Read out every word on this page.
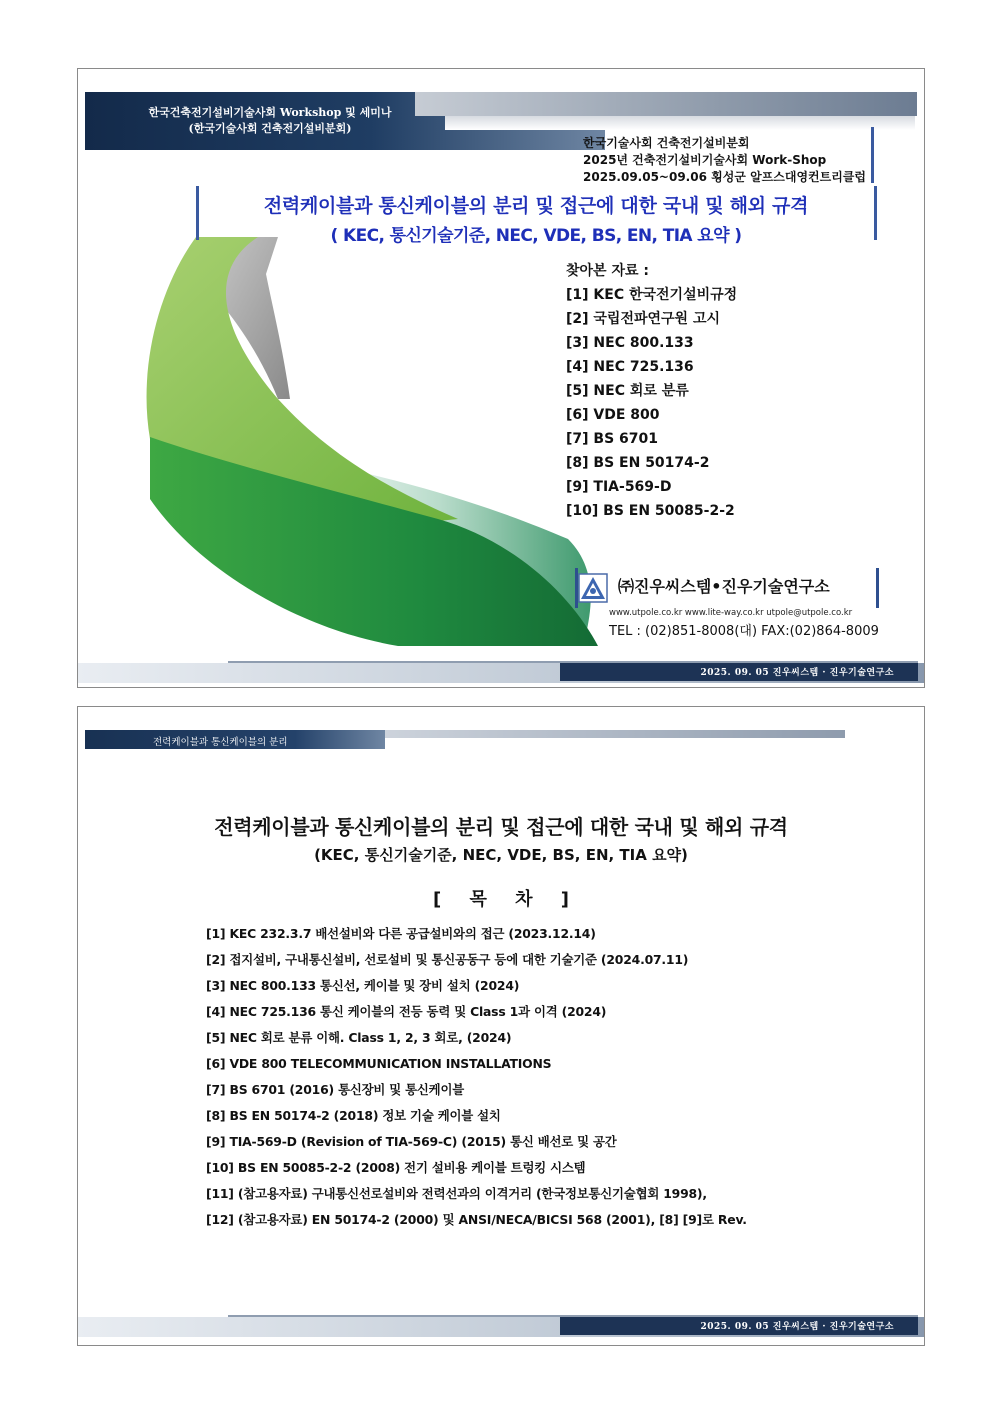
한국건축전기설비기술사회 Workshop 및 세미나
(한국기술사회 건축전기설비분회)
한국기술사회 건축전기설비분회
2025년 건축전기설비기술사회 Work-Shop
2025.09.05~09.06 횡성군 알프스대영컨트리클럽
전력케이블과 통신케이블의 분리 및 접근에 대한 국내 및 해외 규격
( KEC, 통신기술기준, NEC, VDE, BS, EN, TIA 요약 )
찾아본 자료 :
[1] KEC 한국전기설비규정
[2] 국립전파연구원 고시
[3] NEC 800.133
[4] NEC 725.136
[5] NEC 회로 분류
[6] VDE 800
[7] BS 6701
[8] BS EN 50174-2
[9] TIA-569-D
[10] BS EN 50085-2-2
㈜진우씨스템•진우기술연구소
www.utpole.co.kr www.lite-way.co.kr utpole@utpole.co.kr
TEL : (02)851-8008(대) FAX:(02)864-8009
2025. 09. 05 진우씨스템 · 진우기술연구소
전력케이블과 통신케이블의 분리
전력케이블과 통신케이블의 분리 및 접근에 대한 국내 및 해외 규격
(KEC, 통신기술기준, NEC, VDE, BS, EN, TIA 요약)
[ 목 차 ]
[1] KEC 232.3.7 배선설비와 다른 공급설비와의 접근 (2023.12.14)
[2] 접지설비, 구내통신설비, 선로설비 및 통신공동구 등에 대한 기술기준 (2024.07.11)
[3] NEC 800.133 통신선, 케이블 및 장비 설치 (2024)
[4] NEC 725.136 통신 케이블의 전등 동력 및 Class 1과 이격 (2024)
[5] NEC 회로 분류 이해. Class 1, 2, 3 회로, (2024)
[6] VDE 800 TELECOMMUNICATION INSTALLATIONS
[7] BS 6701 (2016) 통신장비 및 통신케이블
[8] BS EN 50174-2 (2018) 정보 기술 케이블 설치
[9] TIA-569-D (Revision of TIA-569-C) (2015) 통신 배선로 및 공간
[10] BS EN 50085-2-2 (2008) 전기 설비용 케이블 트렁킹 시스템
[11] (참고용자료) 구내통신선로설비와 전력선과의 이격거리 (한국정보통신기술협회 1998),
[12] (참고용자료) EN 50174-2 (2000) 및 ANSI/NECA/BICSI 568 (2001), [8] [9]로 Rev.
2025. 09. 05 진우씨스템 · 진우기술연구소
